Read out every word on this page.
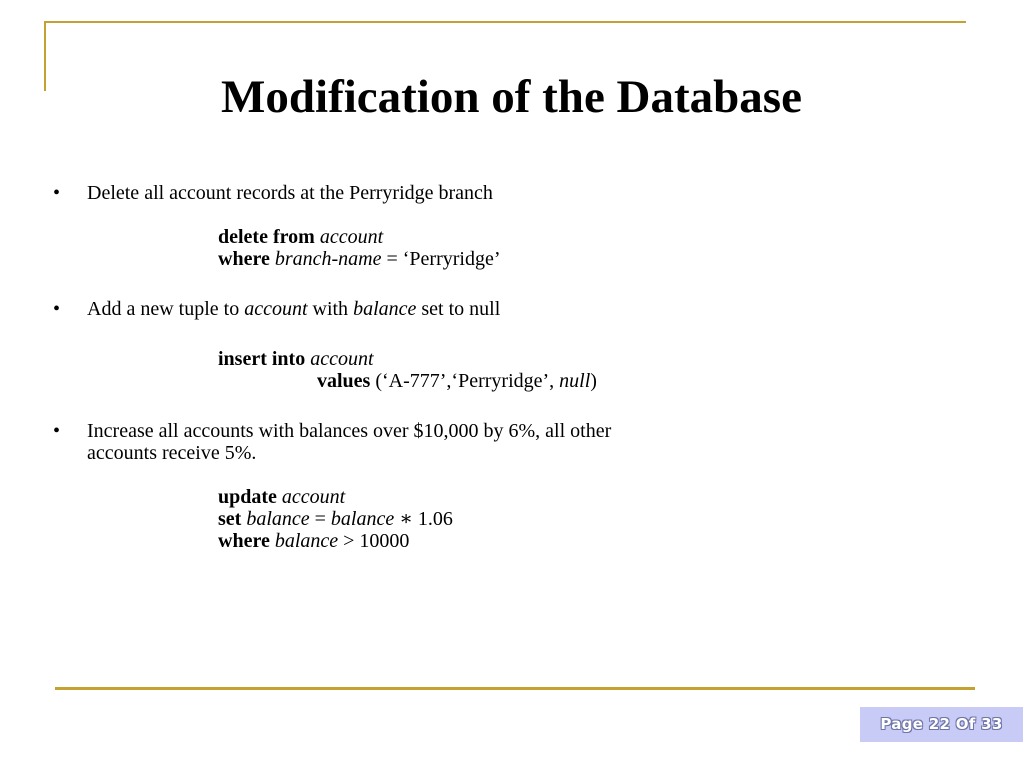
Modification of the Database
• Delete all account records at the Perryridge branch
delete from account
where branch-name = ‘Perryridge’
• Add a new tuple to account with balance set to null
insert into account
values (‘A-777’,‘Perryridge’, null)
• Increase all accounts with balances over $10,000 by 6%, all other
accounts receive 5%.
update account
set balance = balance ∗ 1.06
where balance > 10000
Page 22 Of 33
